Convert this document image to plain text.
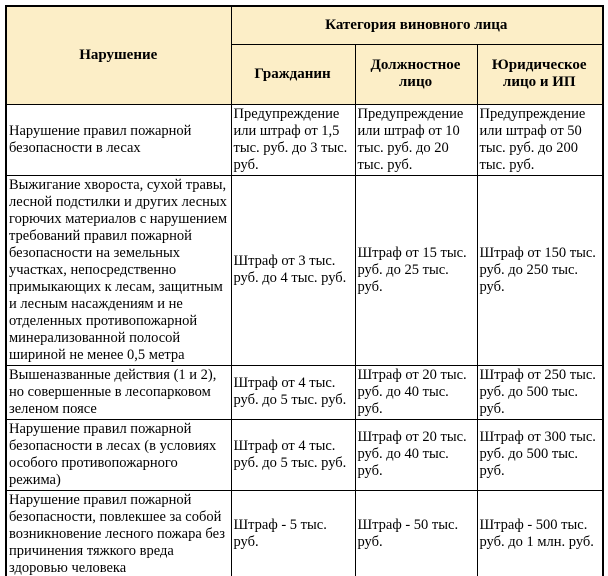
Нарушение	Категория виновного лица		
	Гражданин	Должностное лицо	Юридическое лицо и ИП
Нарушение правил пожарной безопасности в лесах	Предупреждение или штраф от 1,5 тыс. руб. до 3 тыс. руб.	Предупреждение или штраф от 10 тыс. руб. до 20 тыс. руб.	Предупреждение или штраф от 50 тыс. руб. до 200 тыс. руб.
Выжигание хвороста, сухой травы, лесной подстилки и других лесных горючих материалов с нарушением требований правил пожарной безопасности на земельных участках, непосредственно примыкающих к лесам, защитным и лесным насаждениям и не отделенных противопожарной минерализованной полосой шириной не менее 0,5 метра	Штраф от 3 тыс. руб. до 4 тыс. руб.	Штраф от 15 тыс. руб. до 25 тыс. руб.	Штраф от 150 тыс. руб. до 250 тыс. руб.
Вышеназванные действия (1 и 2), но совершенные в лесопарковом зеленом поясе	Штраф от 4 тыс. руб. до 5 тыс. руб.	Штраф от 20 тыс. руб. до 40 тыс. руб.	Штраф от 250 тыс. руб. до 500 тыс. руб.
Нарушение правил пожарной безопасности в лесах (в условиях особого противопожарного режима)	Штраф от 4 тыс. руб. до 5 тыс. руб.	Штраф от 20 тыс. руб. до 40 тыс. руб.	Штраф от 300 тыс. руб. до 500 тыс. руб.
Нарушение правил пожарной безопасности, повлекшее за собой возникновение лесного пожара без причинения тяжкого вреда здоровью человека	Штраф - 5 тыс. руб.	Штраф - 50 тыс. руб.	Штраф - 500 тыс. руб. до 1 млн. руб.
